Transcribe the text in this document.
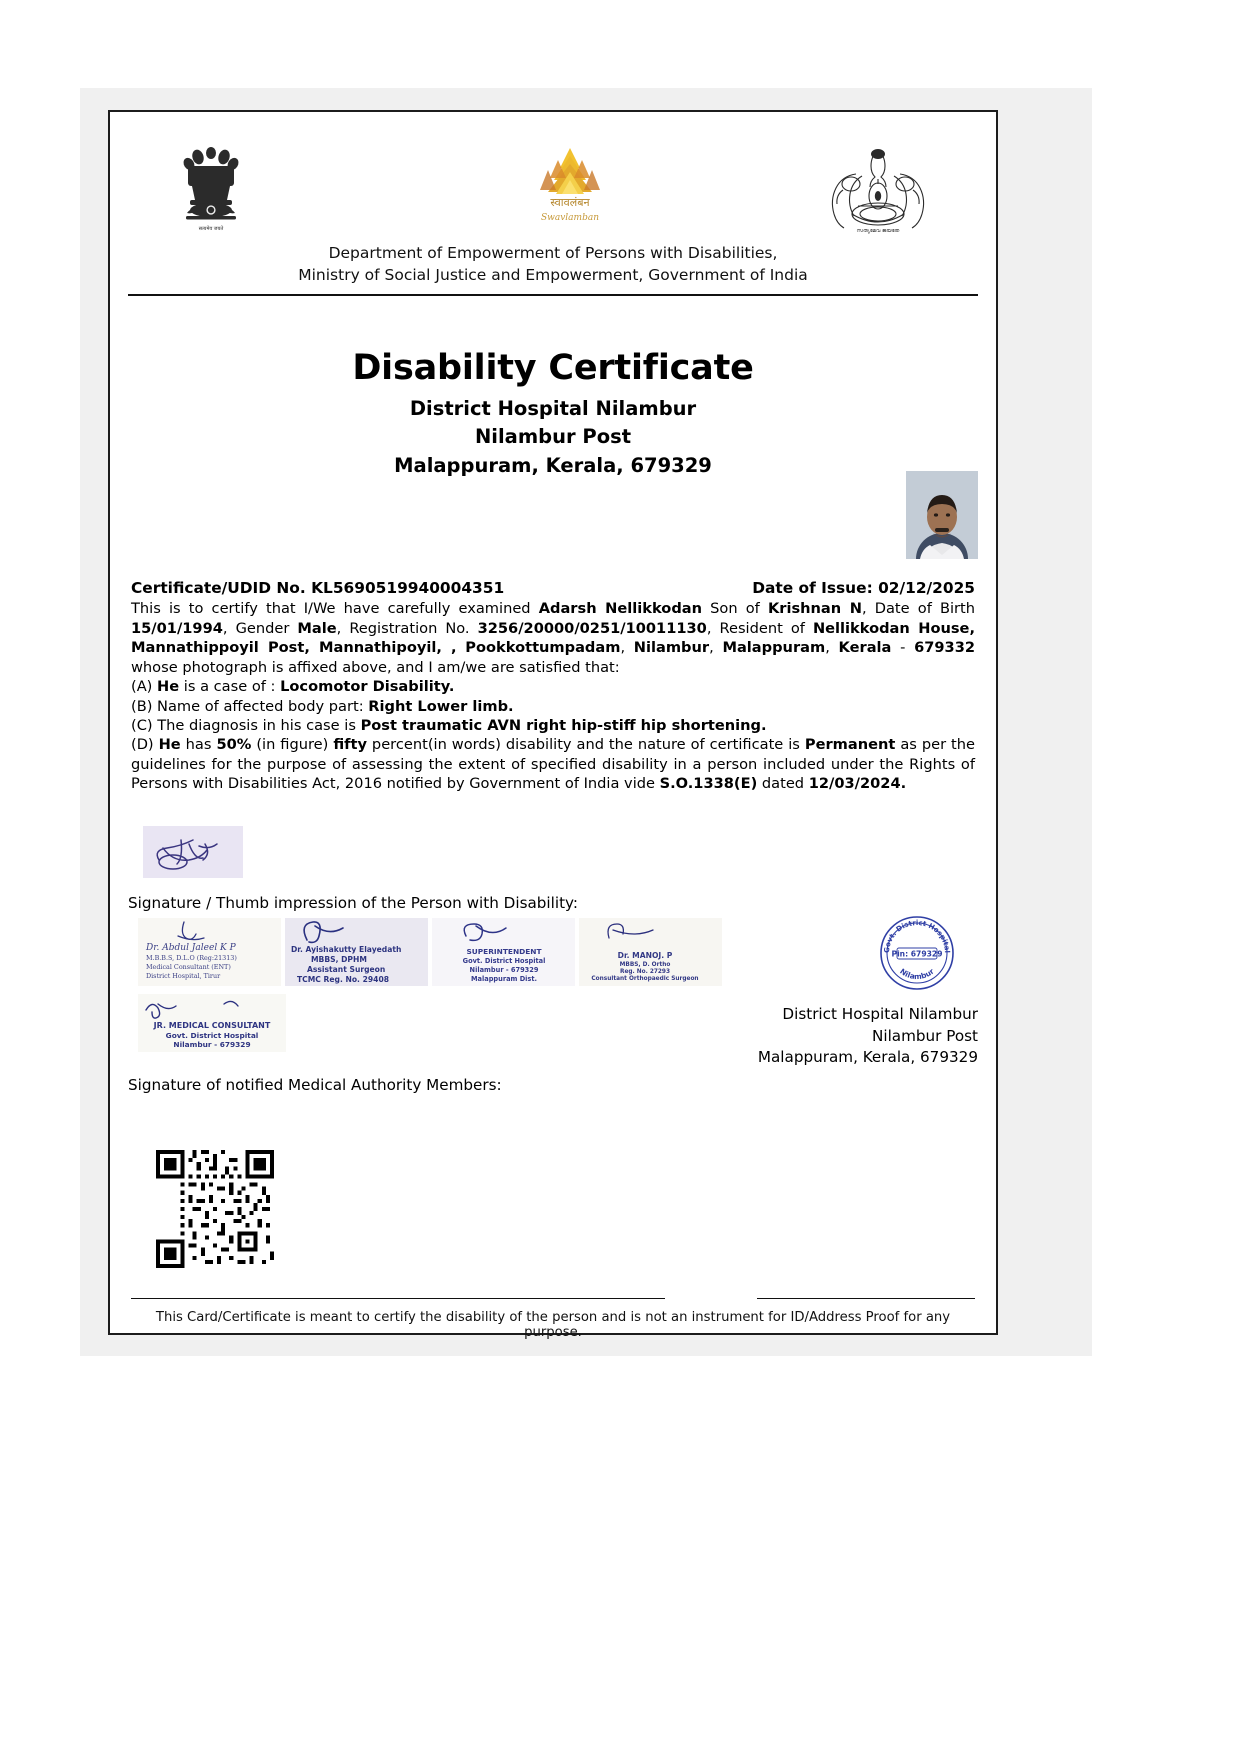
सत्यमेव जयते
स्वावलंबन
Swavlamban
സത്യമേവ ജയതേ
Department of Empowerment of Persons with Disabilities,
Ministry of Social Justice and Empowerment, Government of India
Disability Certificate
District Hospital Nilambur
Nilambur Post
Malappuram, Kerala, 679329
Certificate/UDID No. KL5690519940004351	Date of Issue: 02/12/2025
This is to certify that I/We have carefully examined Adarsh Nellikkodan Son of Krishnan N, Date of Birth 15/01/1994, Gender Male, Registration No. 3256/20000/0251/10011130, Resident of Nellikkodan House, Mannathippoyil Post, Mannathipoyil, , Pookkottumpadam, Nilambur, Malappuram, Kerala - 679332 whose photograph is affixed above, and I am/we are satisfied that:
(A) He is a case of : Locomotor Disability.
(B) Name of affected body part: Right Lower limb.
(C) The diagnosis in his case is Post traumatic AVN right hip-stiff hip shortening.
(D) He has 50% (in figure) fifty percent(in words) disability and the nature of certificate is Permanent as per the guidelines for the purpose of assessing the extent of specified disability in a person included under the Rights of Persons with Disabilities Act, 2016 notified by Government of India vide S.O.1338(E) dated 12/03/2024.
Signature / Thumb impression of the Person with Disability:
Dr. Abdul Jaleel K P
M.B.B.S, D.L.O (Reg:21313)
Medical Consultant (ENT)
District Hospital, Tirur
Dr. Ayishakutty Elayedath
MBBS, DPHM
Assistant Surgeon
TCMC Reg. No. 29408
SUPERINTENDENT
Govt. District Hospital
Nilambur - 679329
Malappuram Dist.
Dr. MANOJ. P
MBBS, D. Ortho
Reg. No. 27293
Consultant Orthopaedic Surgeon
JR. MEDICAL CONSULTANT
Govt. District Hospital
Nilambur - 679329
Govt. District Hospital
Nilambur
Pin: 679329
District Hospital Nilambur
Nilambur Post
Malappuram, Kerala, 679329
Signature of notified Medical Authority Members:
This Card/Certificate is meant to certify the disability of the person and is not an instrument for ID/Address Proof for any purpose.
